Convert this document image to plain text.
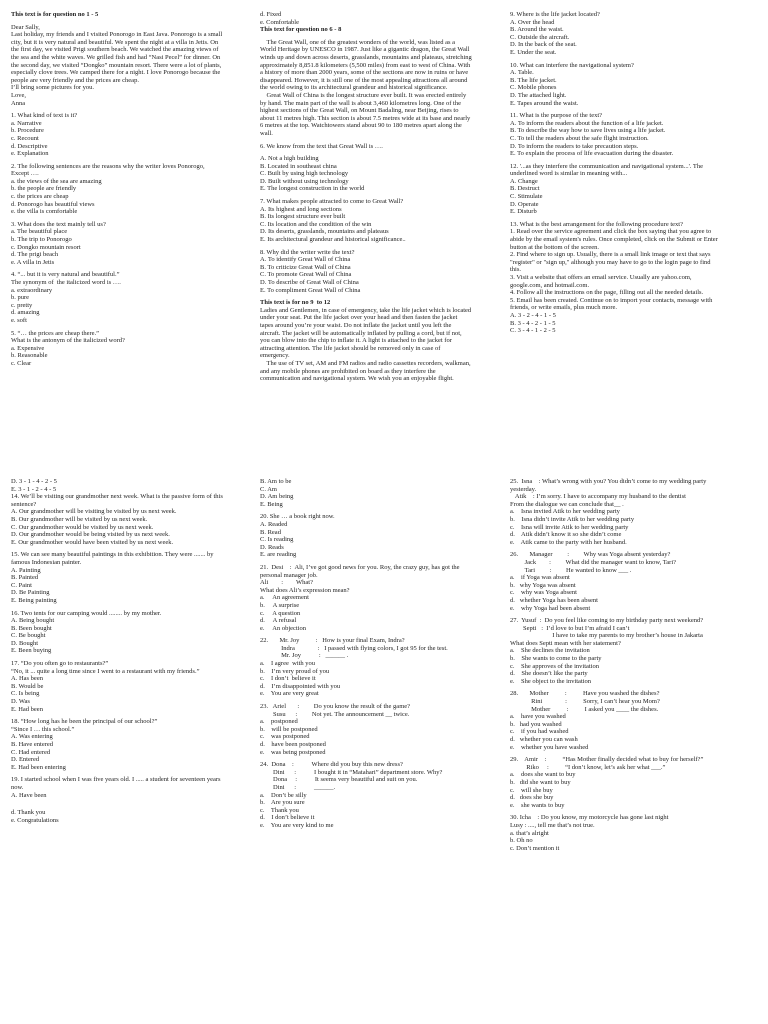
This text is for question no 1 - 5
Dear Sally,
Last holiday, my friends and I visited Ponorogo in East Java. Ponorogo is a small
city, but it is very natural and beautiful. We spent the night at a villa in Jetis. On
the first day, we visited Prigi southern beach. We watched the amazing views of
the sea and the white waves. We grilled fish and had “Nasi Pecel” for dinner. On
the second day, we visited “Dongko” mountain resort. There were a lot of plants,
especially clove trees. We camped there for a night. I love Ponorogo because the
people are very friendly and the prices are cheap.
I’ll bring some pictures for you.
Love,
Anna
1. What kind of text is it?
a. Narrative
b. Procedure
c. Recount
d. Descriptive
e. Explanation
2. The following sentences are the reasons why the writer loves Ponorogo,
Except ….
a. the views of the sea are amazing
b. the people are friendly
c. the prices are cheap
d. Ponorogo has beautiful views
e. the villa is comfortable
3. What does the text mainly tell us?
a. The beautiful place
b. The trip to Ponorogo
c. Dongko mountain resort
d. The prigi beach
e. A villa in Jetis
4. “... but it is very natural and beautiful.”
The synonym of  the italicized word is ….
a. extraordinary
b. pure
c. pretty
d. amazing
e. soft
5. “… the prices are cheap there.”
What is the antonym of the italicized word?
a. Expensive
b. Reasonable
c. Clear
d. Fixed
e. Comfortable
This text for question no 6 - 8
The Great Wall, one of the greatest wonders of the world, was listed as a
World Heritage by UNESCO in 1987. Just like a gigantic dragon, the Great Wall
winds up and down across deserts, grasslands, mountains and plateaus, stretching
approximately 8,851.8 kilometers (5,500 miles) from east to west of China. With
a history of more than 2000 years, some of the sections are now in ruins or have
disappeared. However, it is still one of the most appealing attractions all around
the world owing to its architectural grandeur and historical significance.
Great Wall of China is the longest structure ever built. It was erected entirely
by hand. The main part of the wall is about 3,460 kilometres long. One of the
highest sections of the Great Wall, on Mount Badaling, near Beijing, rises to
about 11 metres high. This section is about 7.5 metres wide at its base and nearly
6 metres at the top. Watchtowers stand about 90 to 180 metres apart along the
wall.
6. We know from the text that Great Wall is ….
A. Not a high building
B. Located in southeast china
C. Built by using high technology
D. Built without using technology
E. The longest construction in the world
7. What makes people attracted to come to Great Wall?
A. Its highest and long sections
B. Its longest structure ever built
C. Its location and the condition of the win
D. Its deserts, grasslands, mountains and plateaus
E. Its architectural grandeur and historical significance..
8. Why did the writer write the text?
A. To identify Great Wall of China
B. To criticize Great Wall of China
C. To promote Great Wall of China
D. To describe of Great Wall of China
E. To compliment Great Wall of China
This text is for no 9  to 12
Ladies and Gentlemen, in case of emergency, take the life jacket which is located
under your seat. Put the life jacket over your head and then fasten the jacket
tapes around you’re your waist. Do not inflate the jacket until you left the
aircraft. The jacket will be automatically inflated by pulling a cord, but if not,
you can blow into the chip to inflate it. A light is attached to the jacket for
attracting attention. The life jacket should be removed only in case of
emergency.
The use of TV set, AM and FM radios and radio cassettes recorders, walkman,
and any mobile phones are prohibited on board as they interfere the
communication and navigational system. We wish you an enjoyable flight.
9. Where is the life jacket located?
A. Over the head
B. Around the waist.
C. Outside the aircraft.
D. In the back of the seat.
E. Under the seat.
10. What can interfere the navigational system?
A. Table.
B. The life jacket.
C. Mobile phones
D. The attached light.
E. Tapes around the waist.
11. What is the purpose of the text?
A. To inform the readers about the function of a life jacket.
B. To describe the way how to save lives using a life jacket.
C. To tell the readers about the safe flight instruction.
D. To inform the readers to take precaution steps.
E. To explain the process of life evacuation during the disaster.
12. '...as they interfere the communication and navigational system...'. The
underlined word is similar in meaning with...
A. Change
B. Destruct
C. Stimulate
D. Operate
E. Disturb
13. What is the best arrangement for the following procedure text?
1. Read over the service agreement and click the box saying that you agree to
abide by the email system's rules. Once completed, click on the Submit or Enter
button at the bottom of the screen.
2. Find where to sign up. Usually, there is a small link image or text that says
"register" or "sign up," although you may have to go to the login page to find
this.
3. Visit a website that offers an email service. Usually are yahoo.com,
google.com, and hotmail.com.
4. Follow all the instructions on the page, filling out all the needed details.
5. Email has been created. Continue on to import your contacts, message with
friends, or write emails, plus much more.
A. 3 - 2 - 4 - 1 - 5
B. 3 - 4 - 2 - 1 - 5
C. 3 - 4 - 1 - 2 - 5
D. 3 - 1 - 4 - 2 - 5
E. 3 - 1 - 2 - 4 - 5
14. We’ll be visiting our grandmother next week. What is the passive form of this
sentence?
A. Our grandmother will be visiting be visited by us next week.
B. Our grandmother will be visited by us next week.
C. Our grandmother would be visited by us next week.
D. Our grandmother would be being visited by us next week.
E. Our grandmother would have been visited by us next week.
15. We can see many beautiful paintings in this exhibition. They were ....... by
famous Indonesian painter.
A. Painting
B. Painted
C. Paint
D. Be Painting
E. Being painting
16. Two tents for our camping would ........ by my mother.
A. Being bought
B. Been bought
C. Be bought
D. Bought
E. Been buying
17. “Do you often go to restaurants?”
“No, it ... quite a long time since I went to a restaurant with my friends.”
A. Has been
B. Would be
C. Is being
D. Was
E. Had been
18. “How long has he been the principal of our school?”
“Since I … this school.”
A. Was entering
B. Have entered
C. Had entered
D. Entered
E. Had been entering
19. I started school when I was five years old. I ..... a student for seventeen years
now.
A. Have been
d. Thank you
e. Congratulations
B. Am to be
C. Am
D. Am being
E. Being
20. She … a book right now.
A. Readed
B. Read
C. Is reading
D. Reads
E. are reading
21.  Desi    :  Ali, I’ve got good news for you. Roy, the crazy guy, has got the
personal manager job.
Ali        :        What?
What does Ali’s expression mean?
a.     An agreement
b.     A surprise
c.     A question
d.     A refusal
e.     An objection
22.       Mr. Joy          :   How is your final Exam, Indra?
Indra              :   I passed with flying colors, I got 95 for the test.
Mr. Joy           :   ______ .
a.    I agree  with you
b.    I’m very proud of you
c.    I don’t  believe it
d.    I’m disappointed with you
e.    You are very great
23.   Ariel       :         Do you know the result of the game?
Susu      :         Not yet. The announcement __ twice.
a.    postponed
b.    will be postponed
c.    was postponed
d.    have been postponed
e.    was being postponed
24.  Dona    :           Where did you buy this new dress?
Dini      :           I bought it in “Matahari” department store. Why?
Dona     :           It seems very beautiful and suit on you.
Dini      :           ______.
a.    Don’t be silly
b.    Are you sure
c.    Thank you
d.    I don’t believe it
e.    You are very kind to me
25.  Isna    : What’s wrong with you? You didn’t come to my wedding party
yesterday.
Atik    : I’m sorry. I have to accompany my husband to the dentist
From the dialogue we can conclude that__ .
a.    Isna invited Atik to her wedding party
b.    Isna didn’t invite Atik to her wedding party
c.    Isna will invite Atik to her wedding party
d.    Atik didn’t know it so she didn’t come
e.    Atik came to the party with her husband.
26.       Manager         :         Why was Yoga absent yesterday?
Jack        :         What did the manager want to know, Tari?
Tari         :         He wanted to know ___ .
a.    if Yoga was absent
b.   why Yoga was absent
c.    why was Yoga absent
d.   whether Yoga has been absent
e.    why Yoga had been absent
27.  Yusuf  :  Do you feel like coming to my birthday party next weekend?
Septi   :  I’d love to but I’m afraid I can’t
I have to take my parents to my brother’s house in Jakarta
What does Septi mean with her statement?
a.    She declines the invitation
b.    She wants to come to the party
c.    She approves of the invitation
d.    She doesn’t like the party
e.    She object to the invitation
28.       Mother          :          Have you washed the dishes?
Rini              :          Sorry, I can’t hear you Mom?
Mother          :          I asked you ____ the dishes.
a.    have you washed
b.   had you washed
c.    if you had washed
d.   whether you can wash
e.    whether you have washed
29.    Amir    :          “Has Mother finally decided what to buy for herself?”
Riko     :          “I don’t know, let’s ask her what ___.”
a.    does she want to buy
b.   did she want to buy
c.    will she buy
d.   does she buy
e.    she wants to buy
30. Icha    : Do you know, my motorcycle has gone last night
Lusy : ...., tell me that’s not true.
a. that’s alright
b. Oh no
c. Don’t mention it
